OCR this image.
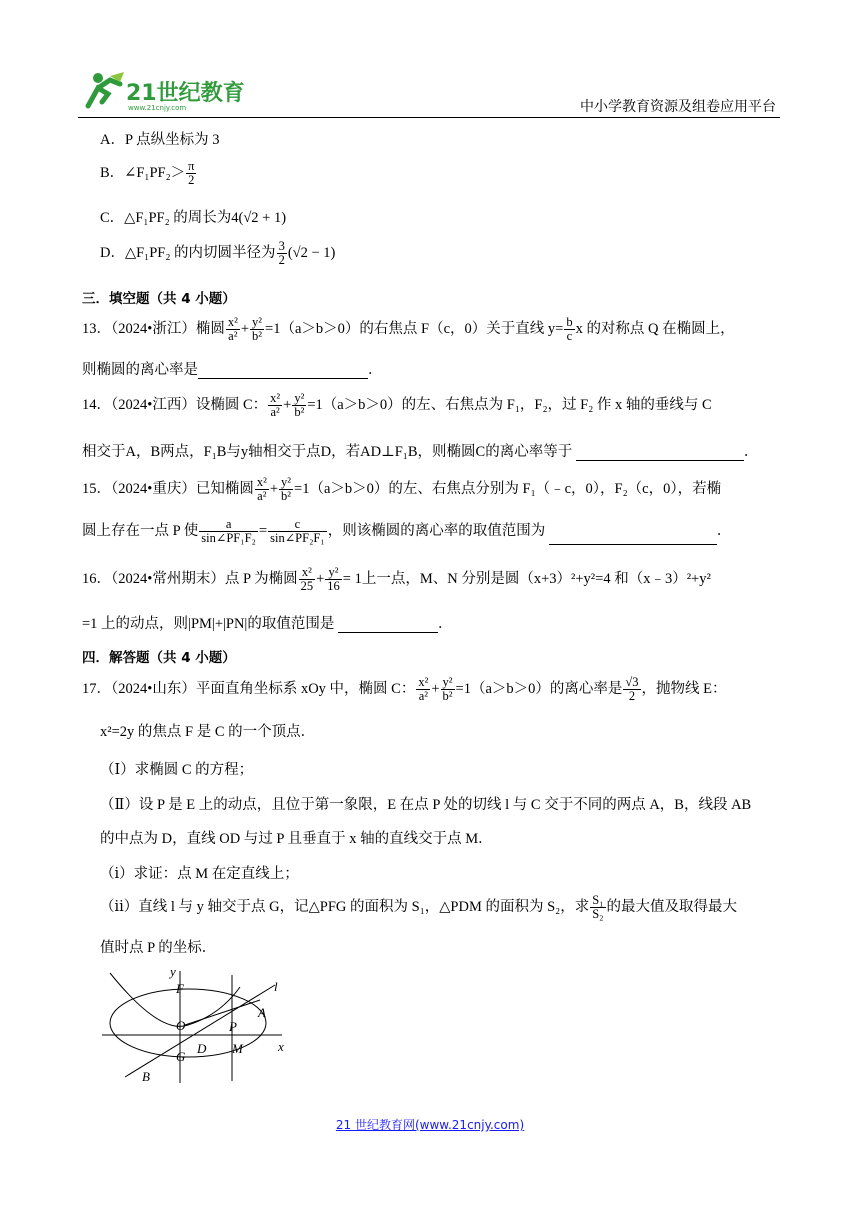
21世纪教育
www.21cnjy.com	中小学教育资源及组卷应用平台
A．P 点纵坐标为 3
B．∠F₁PF₂＞ $\frac{\pi}{2}$
C．△F₁PF₂ 的周长为4(√2 + 1)
D．△F₁PF₂ 的内切圆半径为 $\frac{3}{2} (√2 - 1)$
三．填空题（共 4 小题）
13．（2024•浙江）椭圆 $\frac{\text{x²}}{\text{a²}} + \frac{\text{y²}}{\text{b²}} =1(a>b>0)$的右焦点 F（c，0）关于直线 $y= \frac{b}{c}$ x 的对称点 Q 在椭圆上，
则椭圆的离心率是	．
14．（2024•江西）设椭圆 C： $\frac{\text{x²}}{\text{a²}} + \frac{\text{y²}}{\text{b²}} =1(a>b>0)$的左、右焦点为 F₁，F₂，过 F₂ 作 x 轴的垂线与 C
相交于A，B两点，F₁B与y轴相交于点D，若AD⊥F₁B，则椭圆C的离心率等于	．
15．（2024•重庆）已知椭圆 $\frac{\text{x²}}{\text{a²}} + \frac{\text{y²}}{\text{b²}} =1(a>b>0)$的左、右焦点分别为 F₁（﹣c，0），F₂（c，0），若椭
圆上存在一点 P 使 $\frac{a}{\text{sin∠PF₁F₂}} = \frac{c}{\text{sin∠PF₂F₁}}$ ，则该椭圆的离心率的取值范围为	．
16．（2024•常州期末）点 P 为椭圆 $\frac{\text{x²}}{25} + \frac{\text{y²}}{16} = 1$上一点，M、N 分别是圆（x+3）²+y²=4 和（x﹣3）²+y²
=1 上的动点，则|PM|+|PN|的取值范围是	．
四．解答题（共 4 小题）
17．（2024•山东）平面直角坐标系 xOy 中，椭圆 C： $\frac{\text{x²}}{\text{a²}} + \frac{\text{y²}}{\text{b²}} =1(a>b>0)$的离心率是 $\frac{√3}{2}$ ，抛物线 E：
x²=2y 的焦点 F 是 C 的一个顶点．
（Ⅰ）求椭圆 C 的方程；
（Ⅱ）设 P 是 E 上的动点，且位于第一象限，E 在点 P 处的切线 l 与 C 交于不同的两点 A，B，线段 AB
的中点为 D，直线 OD 与过 P 且垂直于 x 轴的直线交于点 M．
（ⅰ）求证：点 M 在定直线上；
（ⅱ）直线 l 与 y 轴交于点 G，记△PFG 的面积为 S₁，△PDM 的面积为 S₂，求 $\frac{\text{S₁}}{\text{S₂}}$ 的最大值及取得最大
值时点 P 的坐标．
y
F
O	P
A
l
G
D M	x
B
21 世纪教育网(www.21cnjy.com)
